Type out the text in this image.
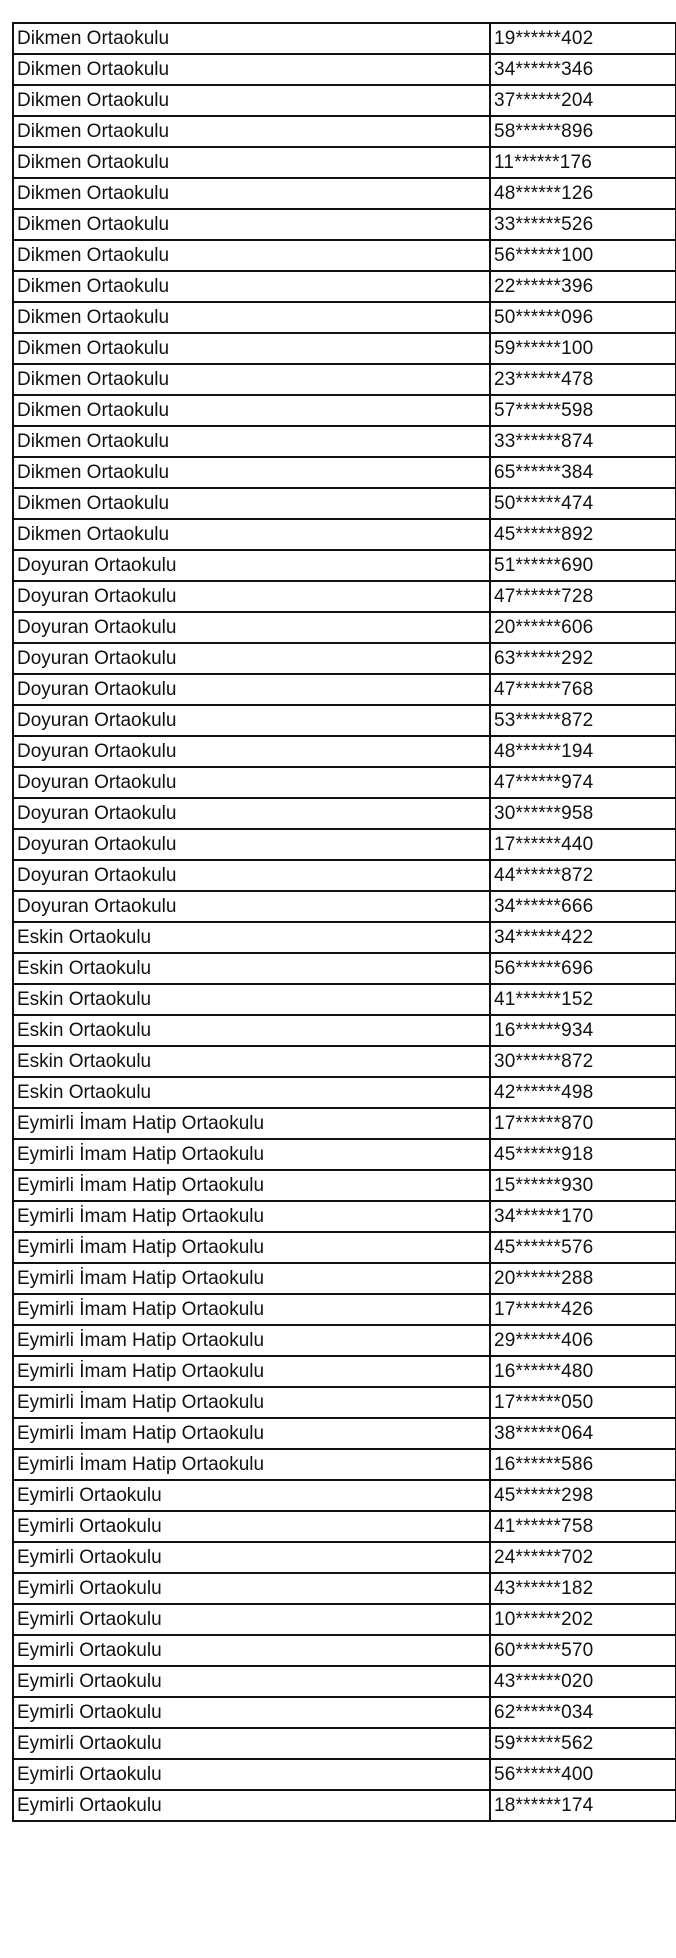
Dikmen Ortaokulu	19******402
Dikmen Ortaokulu	34******346
Dikmen Ortaokulu	37******204
Dikmen Ortaokulu	58******896
Dikmen Ortaokulu	11******176
Dikmen Ortaokulu	48******126
Dikmen Ortaokulu	33******526
Dikmen Ortaokulu	56******100
Dikmen Ortaokulu	22******396
Dikmen Ortaokulu	50******096
Dikmen Ortaokulu	59******100
Dikmen Ortaokulu	23******478
Dikmen Ortaokulu	57******598
Dikmen Ortaokulu	33******874
Dikmen Ortaokulu	65******384
Dikmen Ortaokulu	50******474
Dikmen Ortaokulu	45******892
Doyuran Ortaokulu	51******690
Doyuran Ortaokulu	47******728
Doyuran Ortaokulu	20******606
Doyuran Ortaokulu	63******292
Doyuran Ortaokulu	47******768
Doyuran Ortaokulu	53******872
Doyuran Ortaokulu	48******194
Doyuran Ortaokulu	47******974
Doyuran Ortaokulu	30******958
Doyuran Ortaokulu	17******440
Doyuran Ortaokulu	44******872
Doyuran Ortaokulu	34******666
Eskin Ortaokulu	34******422
Eskin Ortaokulu	56******696
Eskin Ortaokulu	41******152
Eskin Ortaokulu	16******934
Eskin Ortaokulu	30******872
Eskin Ortaokulu	42******498
Eymirli İmam Hatip Ortaokulu	17******870
Eymirli İmam Hatip Ortaokulu	45******918
Eymirli İmam Hatip Ortaokulu	15******930
Eymirli İmam Hatip Ortaokulu	34******170
Eymirli İmam Hatip Ortaokulu	45******576
Eymirli İmam Hatip Ortaokulu	20******288
Eymirli İmam Hatip Ortaokulu	17******426
Eymirli İmam Hatip Ortaokulu	29******406
Eymirli İmam Hatip Ortaokulu	16******480
Eymirli İmam Hatip Ortaokulu	17******050
Eymirli İmam Hatip Ortaokulu	38******064
Eymirli İmam Hatip Ortaokulu	16******586
Eymirli Ortaokulu	45******298
Eymirli Ortaokulu	41******758
Eymirli Ortaokulu	24******702
Eymirli Ortaokulu	43******182
Eymirli Ortaokulu	10******202
Eymirli Ortaokulu	60******570
Eymirli Ortaokulu	43******020
Eymirli Ortaokulu	62******034
Eymirli Ortaokulu	59******562
Eymirli Ortaokulu	56******400
Eymirli Ortaokulu	18******174
